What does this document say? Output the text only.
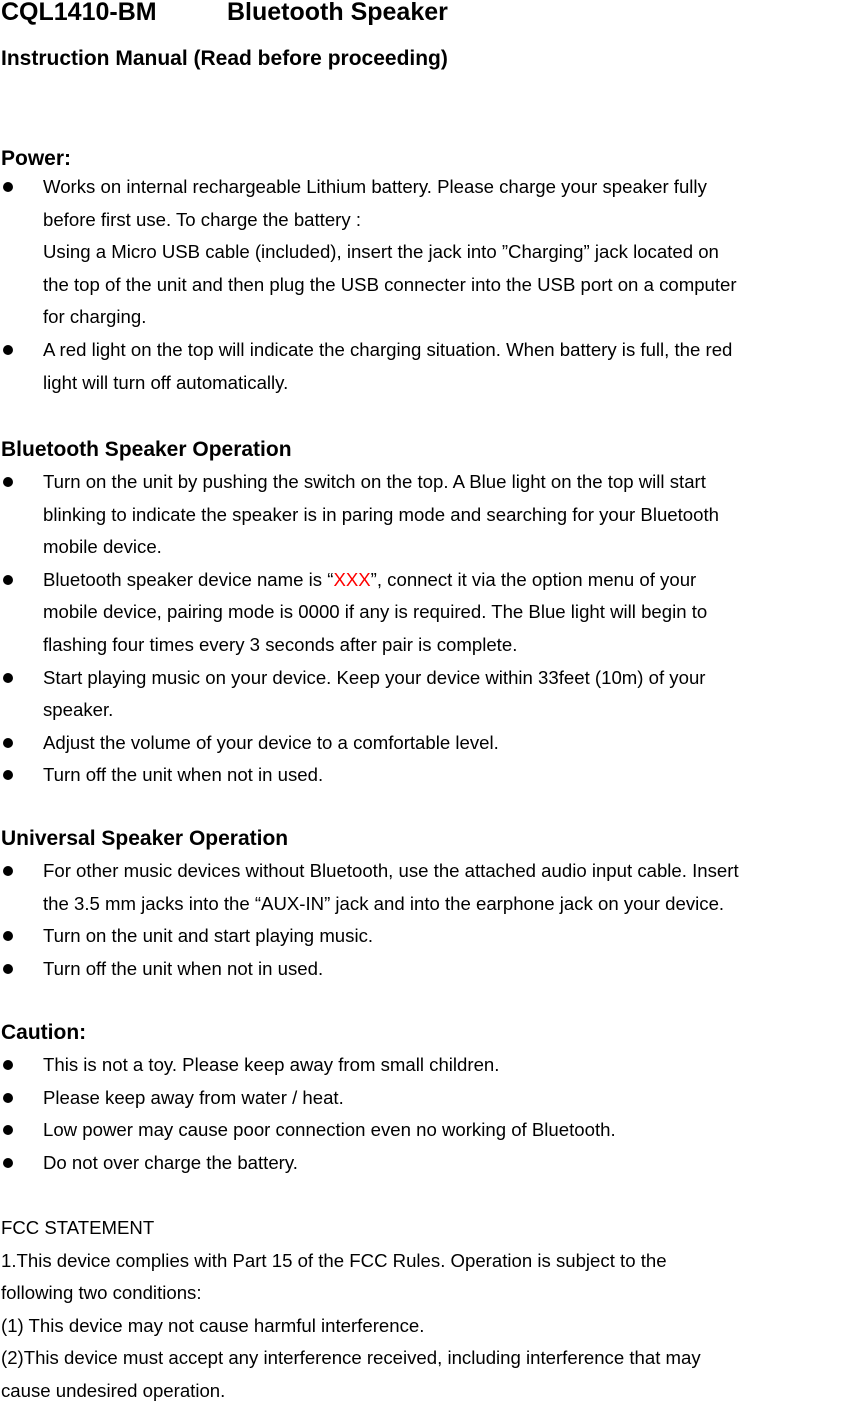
CQL1410-BM	Bluetooth Speaker
Instruction Manual (Read before proceeding)
Power:
Works on internal rechargeable Lithium battery. Please charge your speaker fully
before first use. To charge the battery :
Using a Micro USB cable (included), insert the jack into ”Charging” jack located on
the top of the unit and then plug the USB connecter into the USB port on a computer
for charging.
A red light on the top will indicate the charging situation. When battery is full, the red
light will turn off automatically.
Bluetooth Speaker Operation
Turn on the unit by pushing the switch on the top. A Blue light on the top will start
blinking to indicate the speaker is in paring mode and searching for your Bluetooth
mobile device.
Bluetooth speaker device name is “XXX”, connect it via the option menu of your
mobile device, pairing mode is 0000 if any is required. The Blue light will begin to
flashing four times every 3 seconds after pair is complete.
Start playing music on your device. Keep your device within 33feet (10m) of your
speaker.
Adjust the volume of your device to a comfortable level.
Turn off the unit when not in used.
Universal Speaker Operation
For other music devices without Bluetooth, use the attached audio input cable. Insert
the 3.5 mm jacks into the “AUX-IN” jack and into the earphone jack on your device.
Turn on the unit and start playing music.
Turn off the unit when not in used.
Caution:
This is not a toy. Please keep away from small children.
Please keep away from water / heat.
Low power may cause poor connection even no working of Bluetooth.
Do not over charge the battery.
FCC STATEMENT
1.This device complies with Part 15 of the FCC Rules. Operation is subject to the
following two conditions:
(1) This device may not cause harmful interference.
(2)This device must accept any interference received, including interference that may
cause undesired operation.
